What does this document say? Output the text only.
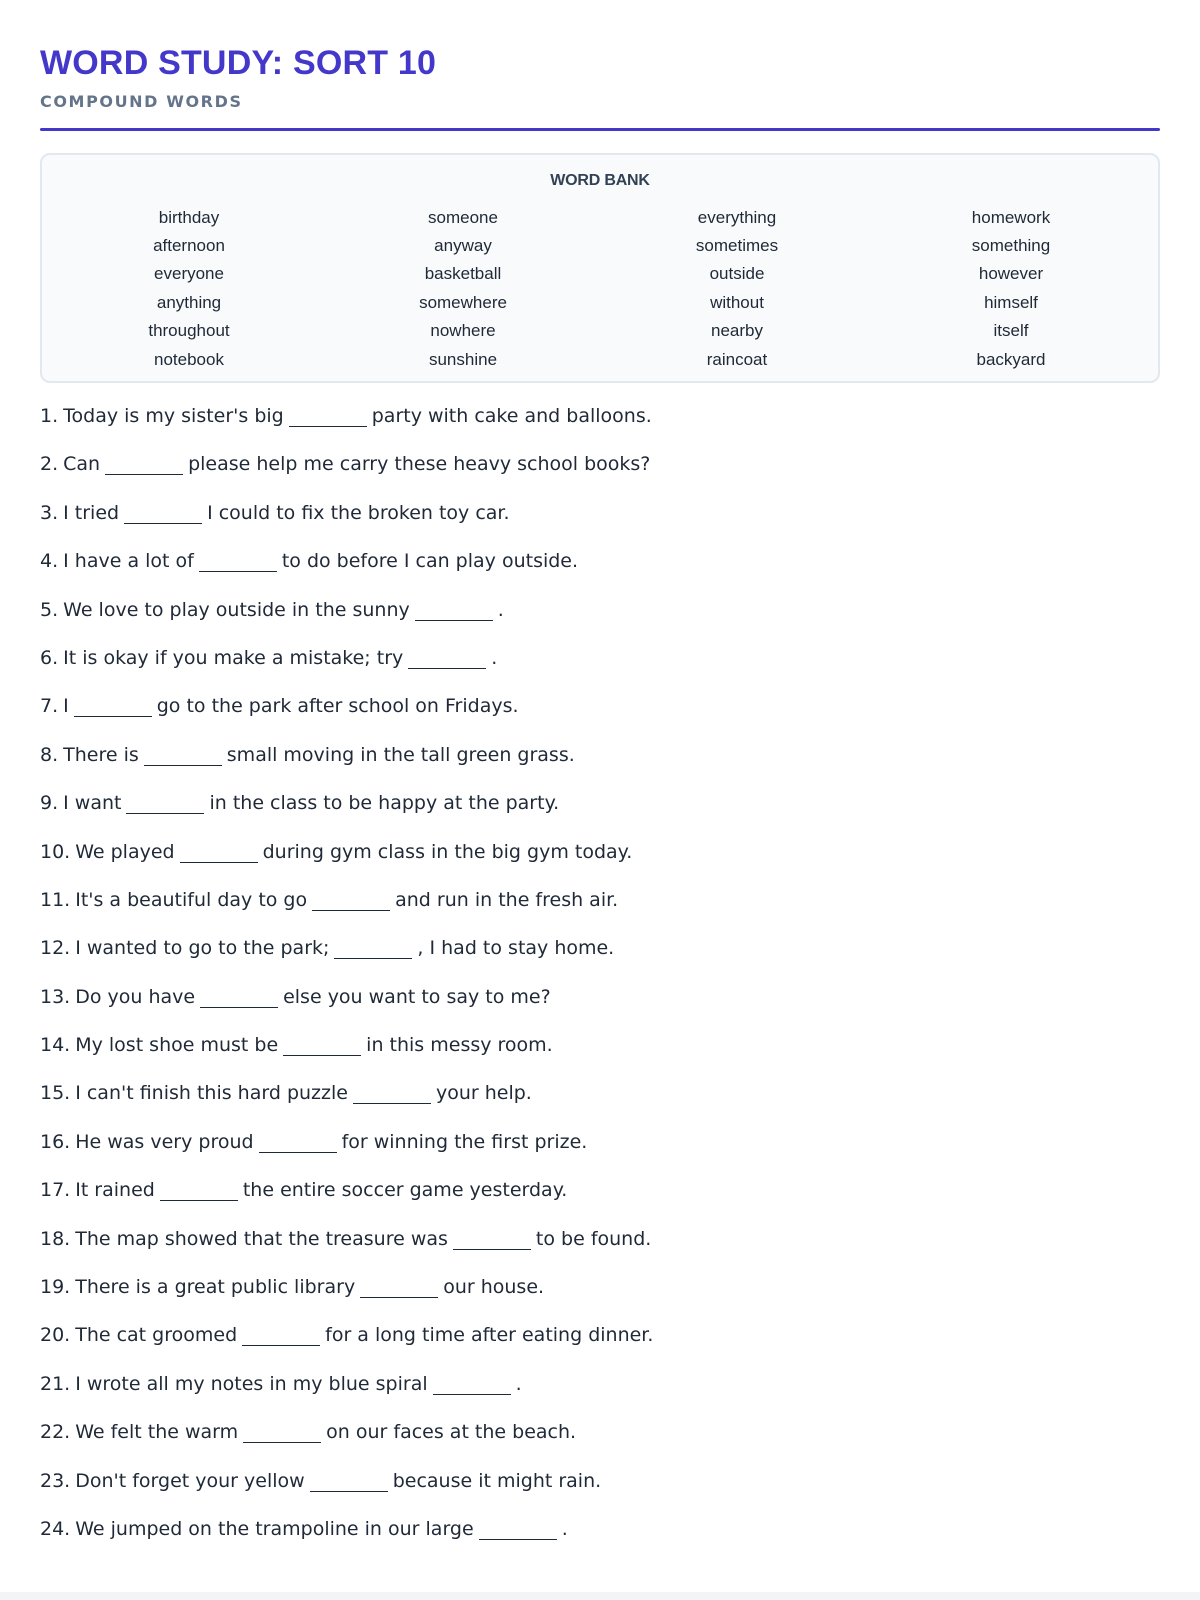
WORD STUDY: SORT 10
COMPOUND WORDS
WORD BANK
birthday	someone	everything	homework
afternoon	anyway	sometimes	something
everyone	basketball	outside	however
anything	somewhere	without	himself
throughout	nowhere	nearby	itself
notebook	sunshine	raincoat	backyard
1. Today is my sister's big	party with cake and balloons.
2. Can	please help me carry these heavy school books?
3. I tried	I could to fix the broken toy car.
4. I have a lot of	to do before I can play outside.
5. We love to play outside in the sunny	.
6. It is okay if you make a mistake; try	.
7. I	go to the park after school on Fridays.
8. There is	small moving in the tall green grass.
9. I want	in the class to be happy at the party.
10. We played	during gym class in the big gym today.
11. It's a beautiful day to go	and run in the fresh air.
12. I wanted to go to the park;	, I had to stay home.
13. Do you have	else you want to say to me?
14. My lost shoe must be	in this messy room.
15. I can't finish this hard puzzle	your help.
16. He was very proud	for winning the first prize.
17. It rained	the entire soccer game yesterday.
18. The map showed that the treasure was	to be found.
19. There is a great public library	our house.
20. The cat groomed	for a long time after eating dinner.
21. I wrote all my notes in my blue spiral	.
22. We felt the warm	on our faces at the beach.
23. Don't forget your yellow	because it might rain.
24. We jumped on the trampoline in our large	.
